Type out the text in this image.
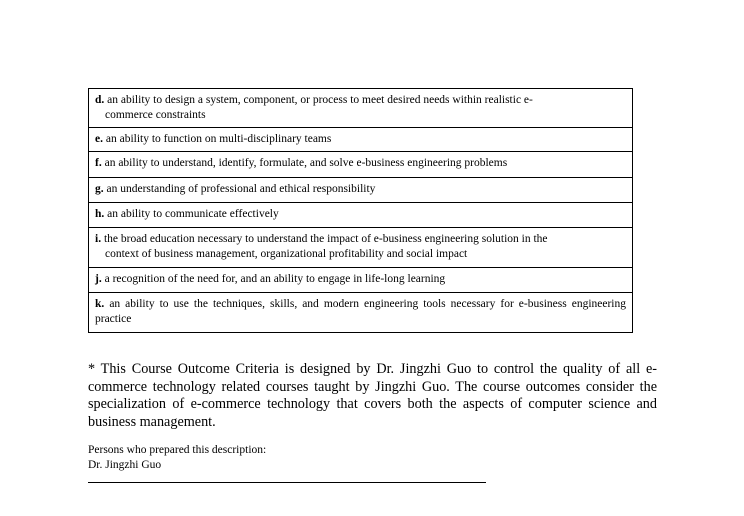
d. an ability to design a system, component, or process to meet desired needs within realistic e-
commerce constraints

e. an ability to function on multi-disciplinary teams
f. an ability to understand, identify, formulate, and solve e-business engineering problems
g. an understanding of professional and ethical responsibility
h. an ability to communicate effectively
i. the broad education necessary to understand the impact of e-business engineering solution in the
context of business management, organizational profitability and social impact

j. a recognition of the need for, and an ability to engage in life-long learning
k. an ability to use the techniques, skills, and modern engineering tools necessary for e-business engineering practice

* This Course Outcome Criteria is designed by Dr. Jingzhi Guo to control the quality of all e-commerce technology related courses taught by Jingzhi Guo. The course outcomes consider the specialization of e-commerce technology that covers both the aspects of computer science and business management.

Persons who prepared this description:
Dr. Jingzhi Guo
